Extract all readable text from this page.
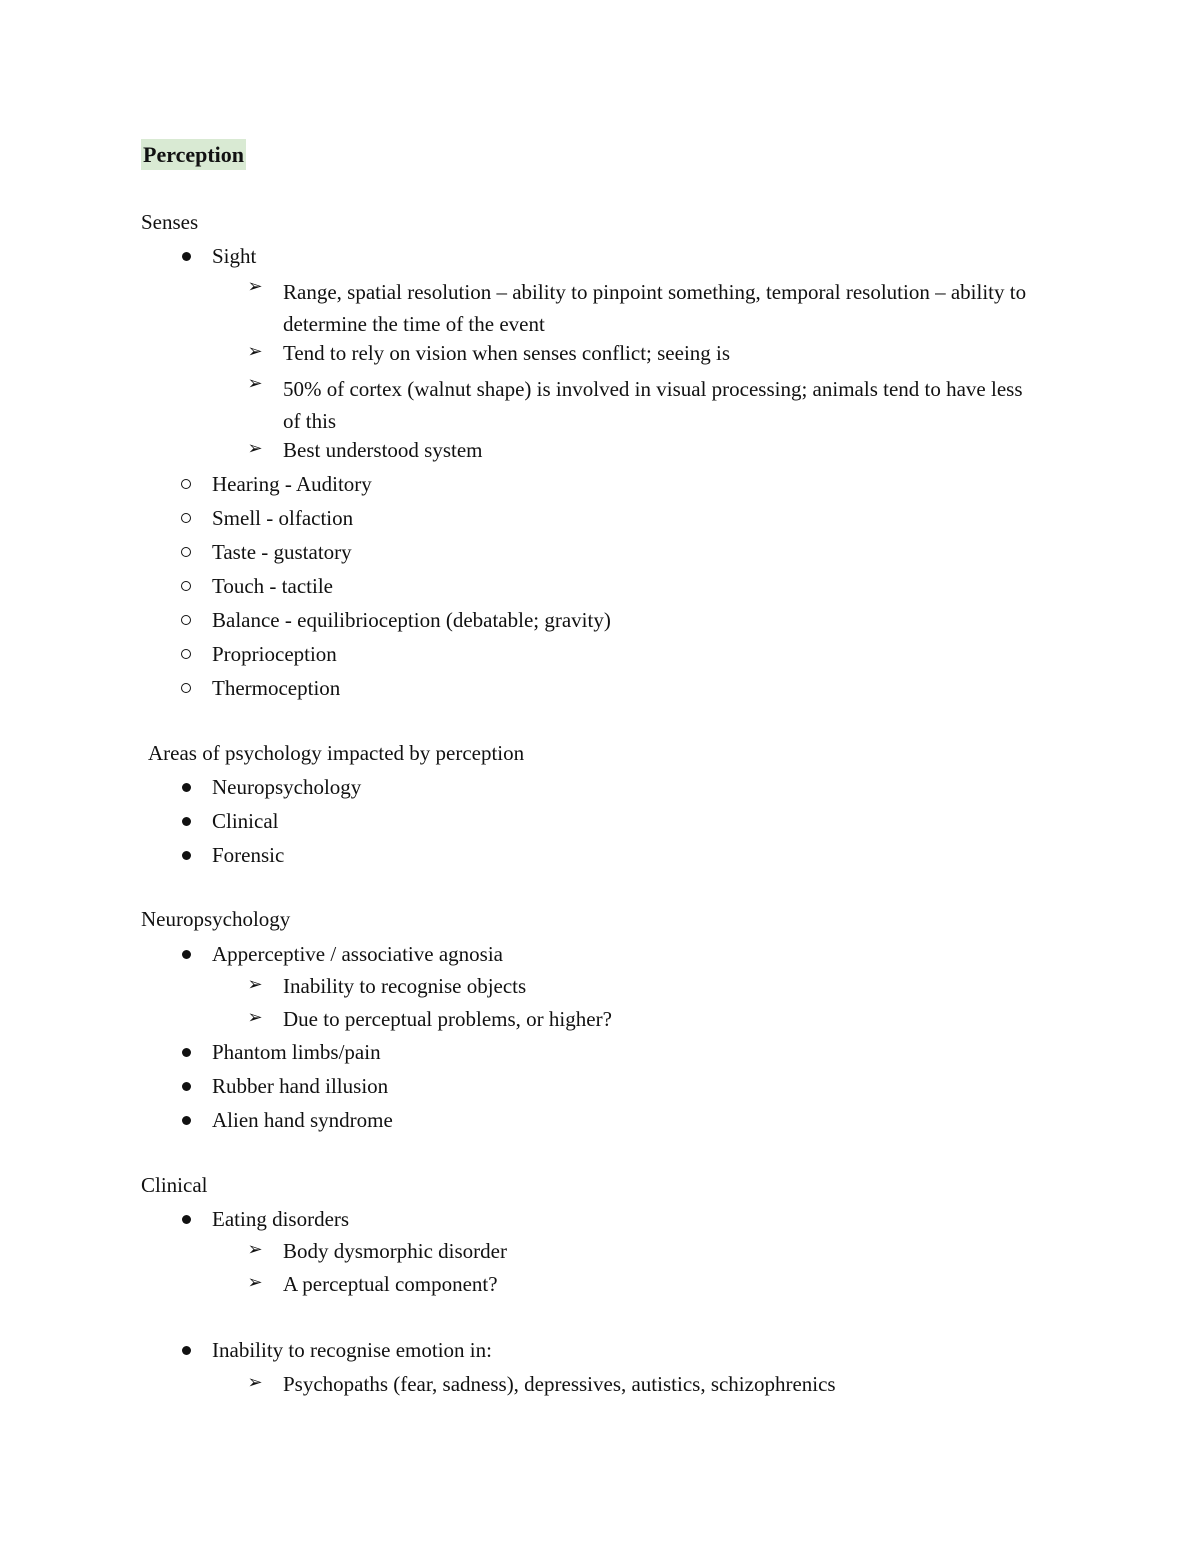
Perception
Senses
Sight
➢ Range, spatial resolution – ability to pinpoint something, temporal resolution – ability to determine the time of the event
➢ Tend to rely on vision when senses conflict; seeing is
➢ 50% of cortex (walnut shape) is involved in visual processing; animals tend to have less of this
➢ Best understood system
Hearing - Auditory
Smell - olfaction
Taste - gustatory
Touch - tactile
Balance - equilibrioception (debatable; gravity)
Proprioception
Thermoception
Areas of psychology impacted by perception
Neuropsychology
Clinical
Forensic
Neuropsychology
Apperceptive / associative agnosia
➢ Inability to recognise objects
➢ Due to perceptual problems, or higher?
Phantom limbs/pain
Rubber hand illusion
Alien hand syndrome
Clinical
Eating disorders
➢ Body dysmorphic disorder
➢ A perceptual component?
Inability to recognise emotion in:
➢ Psychopaths (fear, sadness), depressives, autistics, schizophrenics
